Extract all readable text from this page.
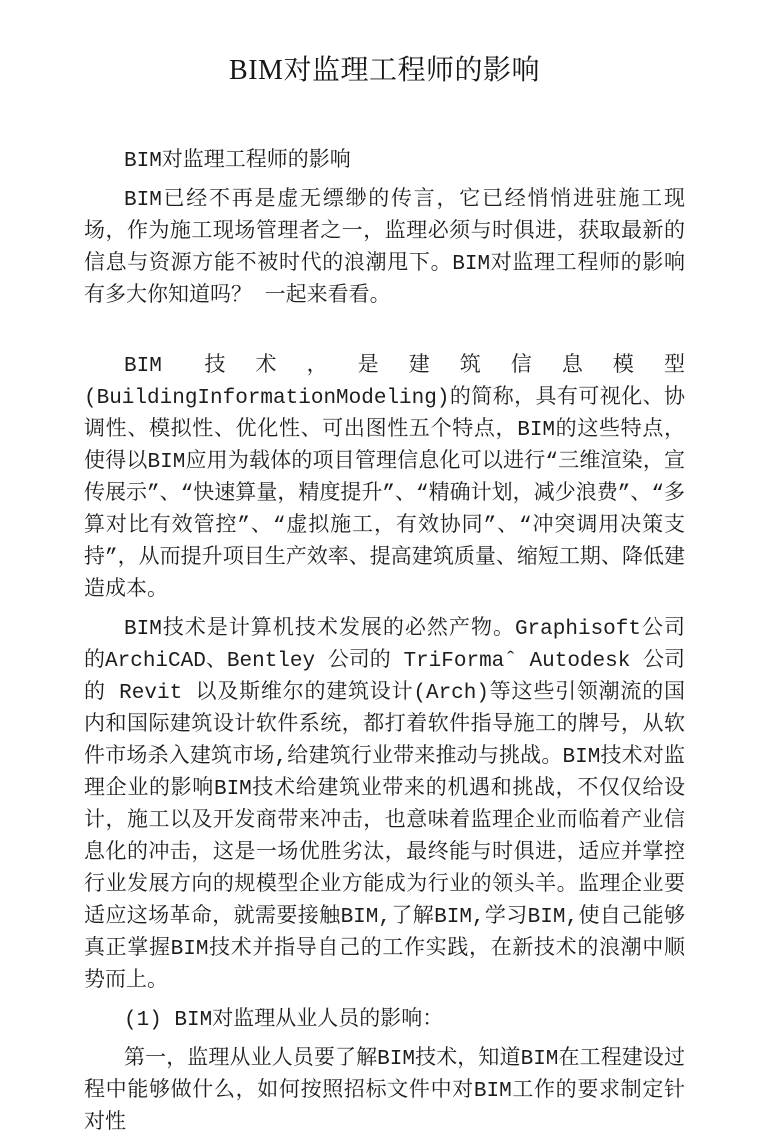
BIM对监理工程师的影响

BIM对监理工程师的影响

BIM已经不再是虚无缥缈的传言，它已经悄悄进驻施工现场，作为施工现场管理者之一，监理必须与时俱进，获取最新的信息与资源方能不被时代的浪潮甩下。BIM对监理工程师的影响有多大你知道吗？ 一起来看看。

BIM 技术，是建筑信息模型(BuildingInformationModeling)的简称，具有可视化、协调性、模拟性、优化性、可出图性五个特点，BIM的这些特点，使得以BIM应用为载体的项目管理信息化可以进行“三维渲染，宣传展示”、“快速算量，精度提升”、“精确计划，减少浪费”、“多算对比有效管控”、“虚拟施工，有效协同”、“冲突调用决策支持”，从而提升项目生产效率、提高建筑质量、缩短工期、降低建造成本。

BIM技术是计算机技术发展的必然产物。Graphisoft公司的ArchiCAD、Bentley 公司的 TriFormaˆ Autodesk 公司的 Revit 以及斯维尔的建筑设计(Arch)等这些引领潮流的国内和国际建筑设计软件系统，都打着软件指导施工的牌号，从软件市场杀入建筑市场,给建筑行业带来推动与挑战。BIM技术对监理企业的影响BIM技术给建筑业带来的机遇和挑战，不仅仅给设计，施工以及开发商带来冲击，也意味着监理企业而临着产业信息化的冲击，这是一场优胜劣汰，最终能与时俱进，适应并掌控行业发展方向的规模型企业方能成为行业的领头羊。监理企业要适应这场革命，就需要接触BIM,了解BIM,学习BIM,使自己能够真正掌握BIM技术并指导自己的工作实践，在新技术的浪潮中顺势而上。

(1) BIM对监理从业人员的影响：

第一，监理从业人员要了解BIM技术，知道BIM在工程建设过程中能够做什么，如何按照招标文件中对BIM工作的要求制定针对性
